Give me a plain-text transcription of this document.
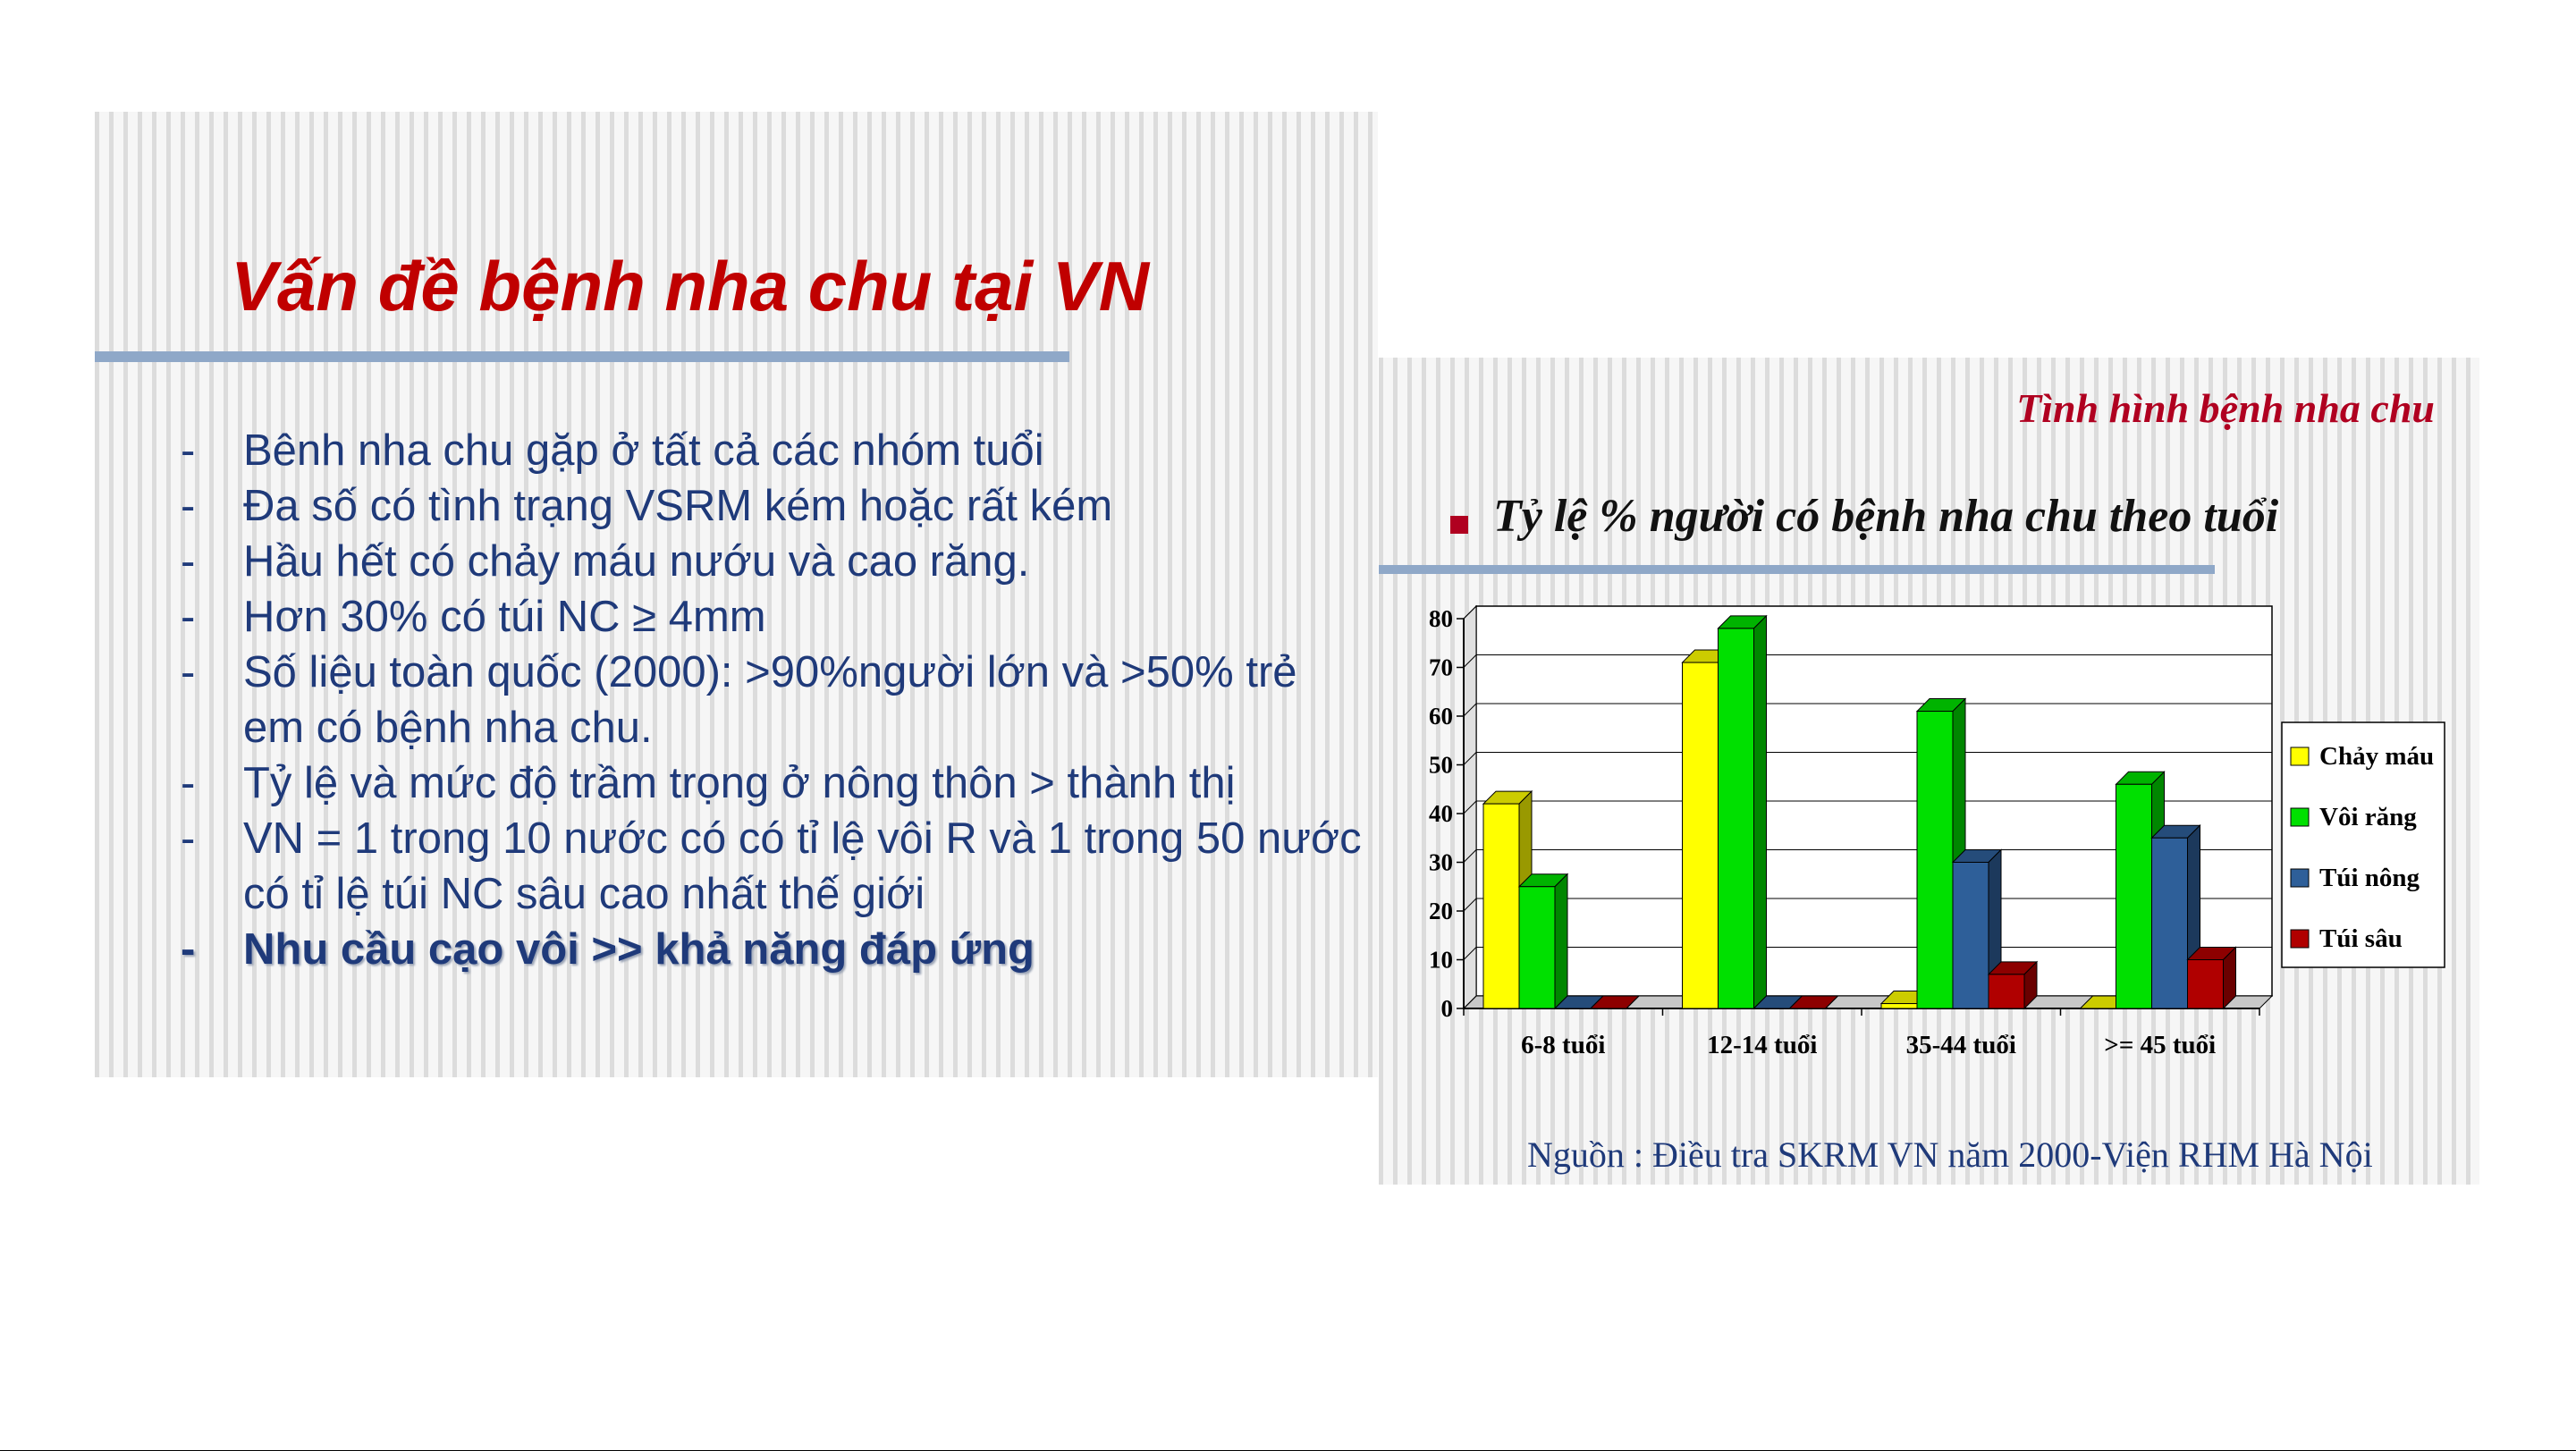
Vấn đề bệnh nha chu tại VN
- Bênh nha chu gặp ở tất cả các nhóm tuổi
- Đa số có tình trạng VSRM kém hoặc rất kém
- Hầu hết có chảy máu nướu và cao răng.
- Hơn 30% có túi NC ≥ 4mm
- Số liệu toàn quốc (2000): >90%người lớn và >50% trẻ em có bệnh nha chu.
- Tỷ lệ và mức độ trầm trọng ở nông thôn > thành thị
- VN = 1 trong 10 nước có có tỉ lệ vôi R và 1 trong 50 nước có tỉ lệ túi NC sâu cao nhất thế giới
- Nhu cầu cạo vôi >> khả năng đáp ứng

Tình hình bệnh nha chu

Tỷ lệ % người có bệnh nha chu theo tuổi

0
10
20
30
40
50
60
70
80
6-8 tuổi	12-14 tuổi	35-44 tuổi	>= 45 tuổi
Chảy máu
Vôi răng
Túi nông
Túi sâu

Nguồn : Điều tra SKRM VN năm 2000-Viện RHM Hà Nội
